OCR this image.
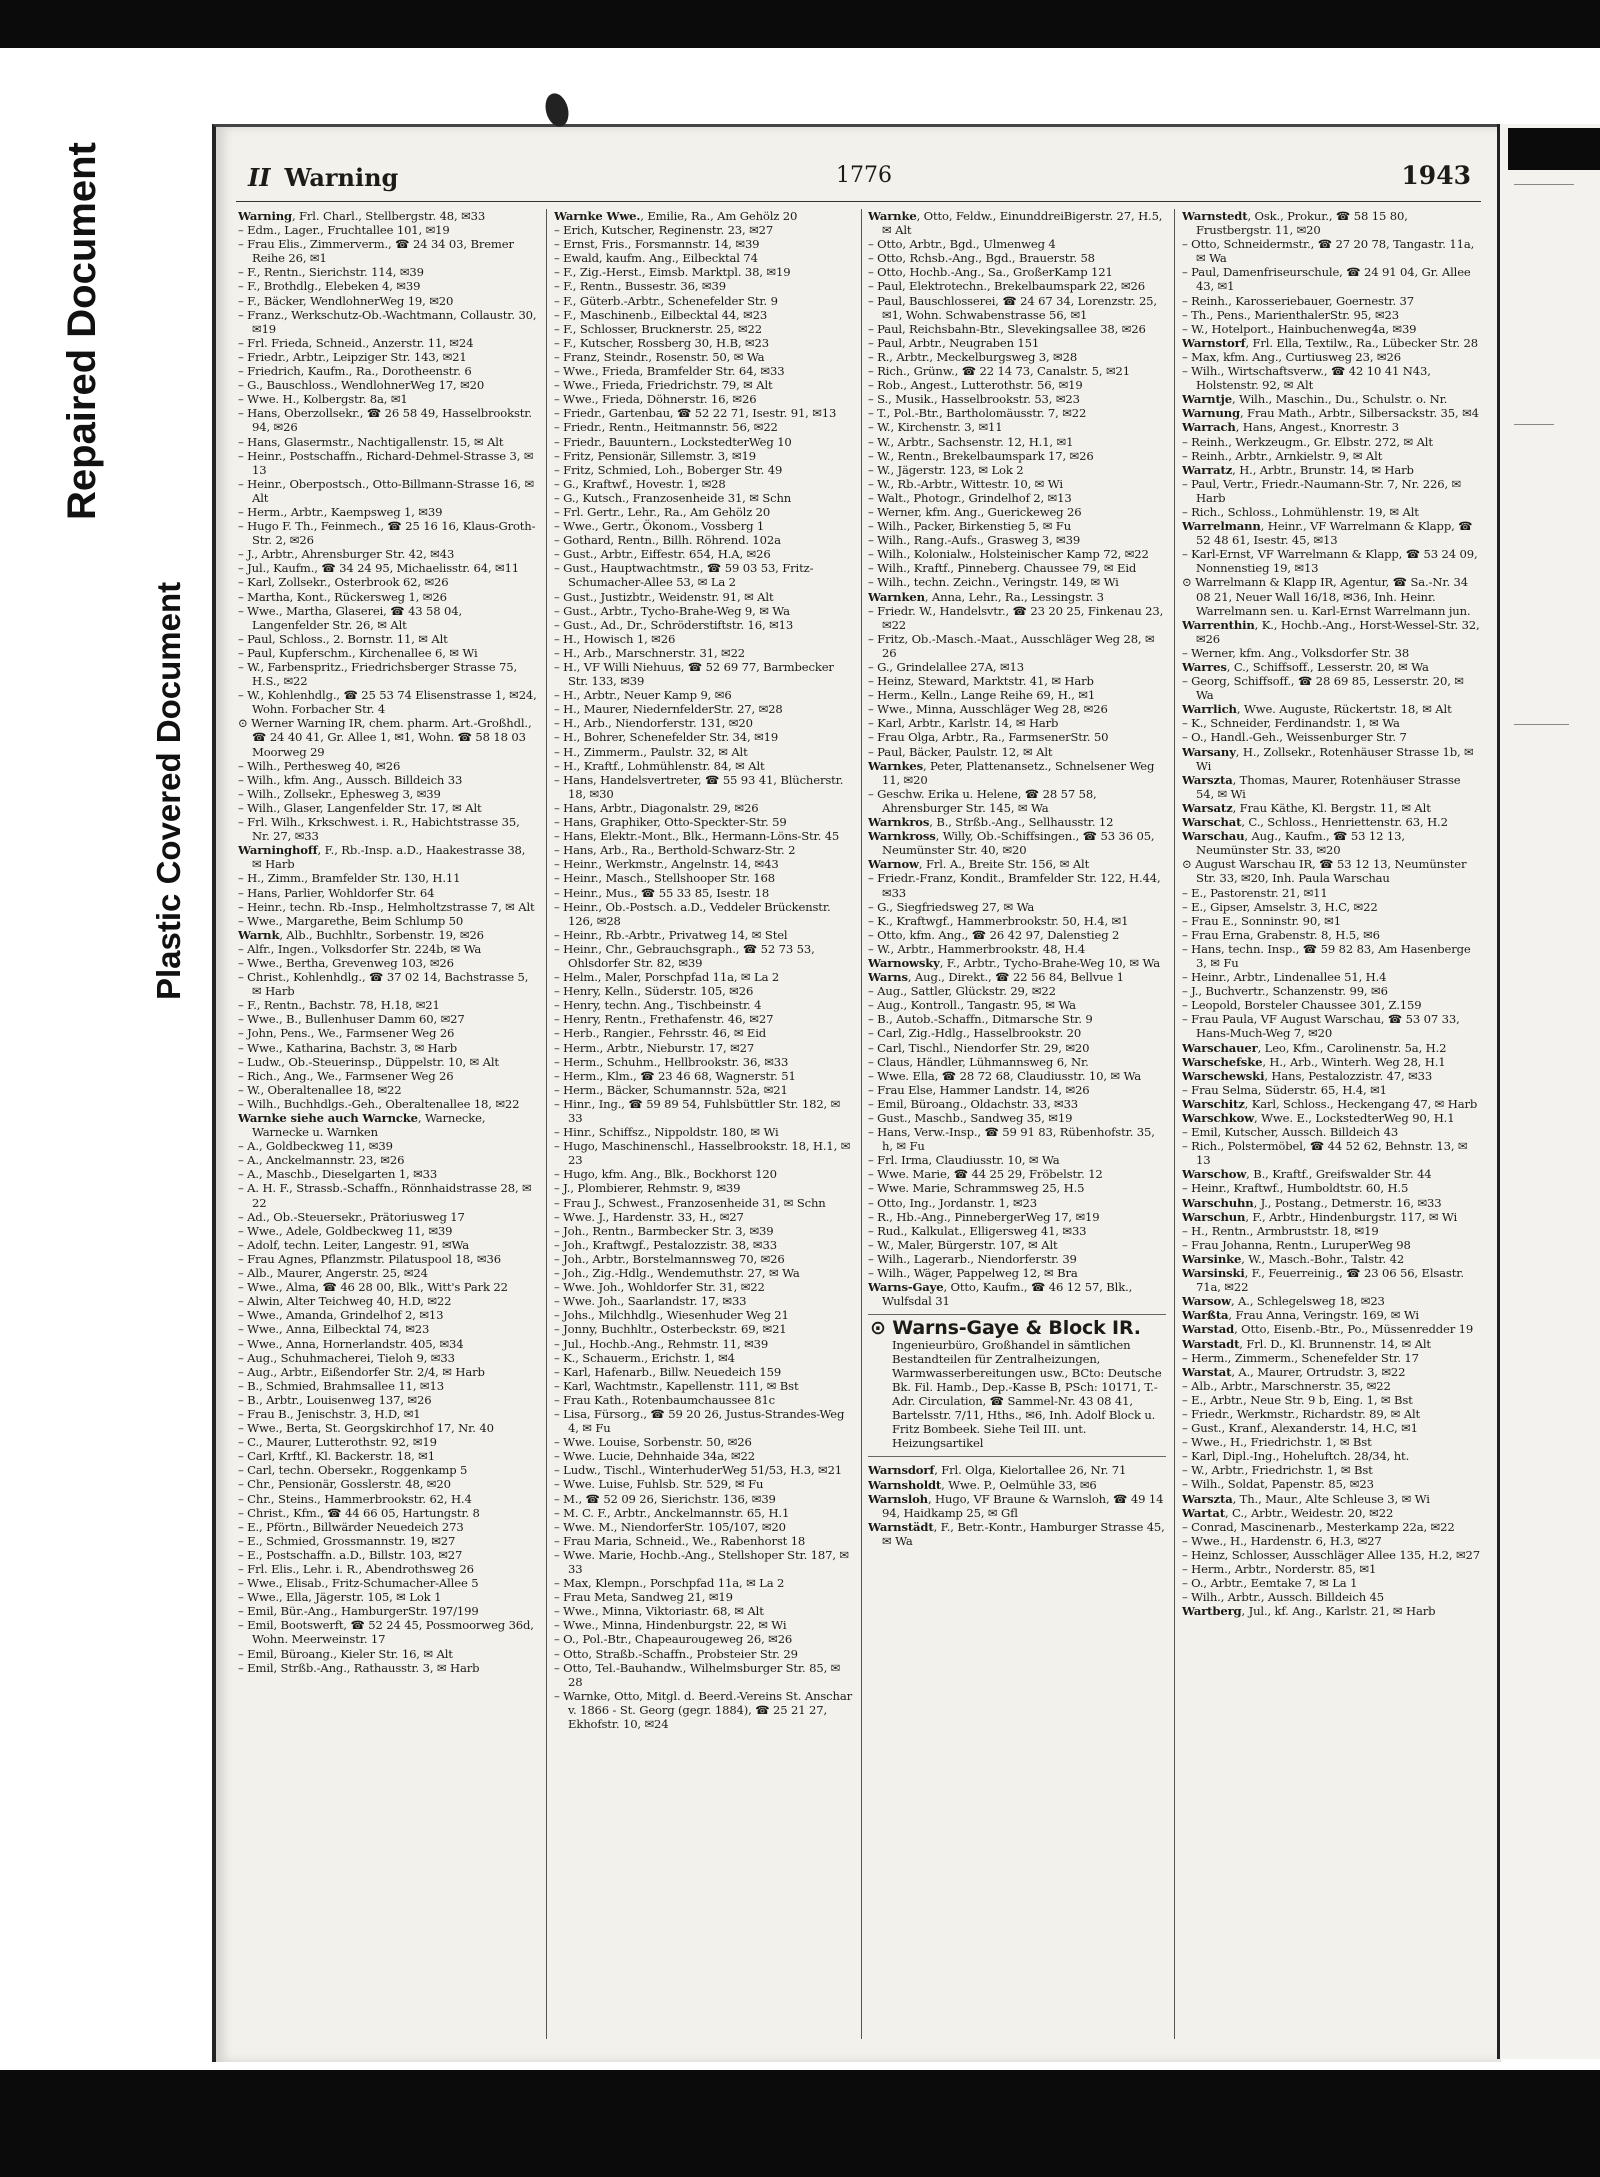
Repaired Document
Plastic Covered Document
II Warning	1776	1943

Warning, Frl. Charl., Stellbergstr. 48, ✉33

– Edm., Lager., Fruchtallee 101, ✉19

– Frau Elis., Zimmerverm., ☎ 24 34 03, Bremer Reihe 26, ✉1

– F., Rentn., Sierichstr. 114, ✉39

– F., Brothdlg., Elebeken 4, ✉39

– F., Bäcker, WendlohnerWeg 19, ✉20

– Franz., Werkschutz-Ob.-Wachtmann, Collaustr. 30, ✉19

– Frl. Frieda, Schneid., Anzerstr. 11, ✉24

– Friedr., Arbtr., Leipziger Str. 143, ✉21

– Friedrich, Kaufm., Ra., Dorotheenstr. 6

– G., Bauschloss., WendlohnerWeg 17, ✉20

– Wwe. H., Kolbergstr. 8a, ✉1

– Hans, Oberzollsekr., ☎ 26 58 49, Hasselbrookstr. 94, ✉26

– Hans, Glasermstr., Nachtigallenstr. 15, ✉ Alt

– Heinr., Postschaffn., Richard-Dehmel-Strasse 3, ✉13

– Heinr., Oberpostsch., Otto-Billmann-Strasse 16, ✉ Alt

– Herm., Arbtr., Kaempsweg 1, ✉39

– Hugo F. Th., Feinmech., ☎ 25 16 16, Klaus-Groth-Str. 2, ✉26

– J., Arbtr., Ahrensburger Str. 42, ✉43

– Jul., Kaufm., ☎ 34 24 95, Michaelisstr. 64, ✉11

– Karl, Zollsekr., Osterbrook 62, ✉26

– Martha, Kont., Rückersweg 1, ✉26

– Wwe., Martha, Glaserei, ☎ 43 58 04, Langenfelder Str. 26, ✉ Alt

– Paul, Schloss., 2. Bornstr. 11, ✉ Alt

– Paul, Kupferschm., Kirchenallee 6, ✉ Wi

– W., Farbenspritz., Friedrichsberger Strasse 75, H.S., ✉22

– W., Kohlenhdlg., ☎ 25 53 74 Elisenstrasse 1, ✉24, Wohn. Forbacher Str. 4

⊙ Werner Warning IR, chem. pharm. Art.-Großhdl., ☎ 24 40 41, Gr. Allee 1, ✉1, Wohn. ☎ 58 18 03 Moorweg 29

– Wilh., Perthesweg 40, ✉26

– Wilh., kfm. Ang., Aussch. Billdeich 33

– Wilh., Zollsekr., Ephesweg 3, ✉39

– Wilh., Glaser, Langenfelder Str. 17, ✉ Alt

– Frl. Wilh., Krkschwest. i. R., Habichtstrasse 35, Nr. 27, ✉33

Warninghoff, F., Rb.-Insp. a.D., Haakestrasse 38, ✉ Harb

– H., Zimm., Bramfelder Str. 130, H.11

– Hans, Parlier, Wohldorfer Str. 64

– Heinr., techn. Rb.-Insp., Helmholtzstrasse 7, ✉ Alt

– Wwe., Margarethe, Beim Schlump 50

Warnk, Alb., Buchhltr., Sorbenstr. 19, ✉26

– Alfr., Ingen., Volksdorfer Str. 224b, ✉ Wa

– Wwe., Bertha, Grevenweg 103, ✉26

– Christ., Kohlenhdlg., ☎ 37 02 14, Bachstrasse 5, ✉ Harb

– F., Rentn., Bachstr. 78, H.18, ✉21

– Wwe., B., Bullenhuser Damm 60, ✉27

– John, Pens., We., Farmsener Weg 26

– Wwe., Katharina, Bachstr. 3, ✉ Harb

– Ludw., Ob.-Steuerinsp., Düppelstr. 10, ✉ Alt

– Rich., Ang., We., Farmsener Weg 26

– W., Oberaltenallee 18, ✉22

– Wilh., Buchhdlgs.-Geh., Oberaltenallee 18, ✉22

Warnke siehe auch Warncke, Warnecke, Warnecke u. Warnken

– A., Goldbeckweg 11, ✉39

– A., Anckelmannstr. 23, ✉26

– A., Maschb., Dieselgarten 1, ✉33

– A. H. F., Strassb.-Schaffn., Rönnhaidstrasse 28, ✉22

– Ad., Ob.-Steuersekr., Prätoriusweg 17

– Wwe., Adele, Goldbeckweg 11, ✉39

– Adolf, techn. Leiter, Langestr. 91, ✉Wa

– Frau Agnes, Pflanzmstr. Pilatuspool 18, ✉36

– Alb., Maurer, Angerstr. 25, ✉24

– Wwe., Alma, ☎ 46 28 00, Blk., Witt's Park 22

– Alwin, Alter Teichweg 40, H.D, ✉22

– Wwe., Amanda, Grindelhof 2, ✉13

– Wwe., Anna, Eilbecktal 74, ✉23

– Wwe., Anna, Hornerlandstr. 405, ✉34

– Aug., Schuhmacherei, Tieloh 9, ✉33

– Aug., Arbtr., Eißendorfer Str. 2/4, ✉ Harb

– B., Schmied, Brahmsallee 11, ✉13

– B., Arbtr., Louisenweg 137, ✉26

– Frau B., Jenischstr. 3, H.D, ✉1

– Wwe., Berta, St. Georgskirchhof 17, Nr. 40

– C., Maurer, Lutterothstr. 92, ✉19

– Carl, Krftf., Kl. Backerstr. 18, ✉1

– Carl, techn. Obersekr., Roggenkamp 5

– Chr., Pensionär, Gosslerstr. 48, ✉20

– Chr., Steins., Hammerbrookstr. 62, H.4

– Christ., Kfm., ☎ 44 66 05, Hartungstr. 8

– E., Pförtn., Billwärder Neuedeich 273

– E., Schmied, Grossmannstr. 19, ✉27

– E., Postschaffn. a.D., Billstr. 103, ✉27

– Frl. Elis., Lehr. i. R., Abendrothsweg 26

– Wwe., Elisab., Fritz-Schumacher-Allee 5

– Wwe., Ella, Jägerstr. 105, ✉ Lok 1

– Emil, Bür.-Ang., HamburgerStr. 197/199

– Emil, Bootswerft, ☎ 52 24 45, Possmoorweg 36d, Wohn. Meerweinstr. 17

– Emil, Büroang., Kieler Str. 16, ✉ Alt

– Emil, Strßb.-Ang., Rathausstr. 3, ✉ Harb

Warnke Wwe., Emilie, Ra., Am Gehölz 20

– Erich, Kutscher, Reginenstr. 23, ✉27

– Ernst, Fris., Forsmannstr. 14, ✉39

– Ewald, kaufm. Ang., Eilbecktal 74

– F., Zig.-Herst., Eimsb. Marktpl. 38, ✉19

– F., Rentn., Bussestr. 36, ✉39

– F., Güterb.-Arbtr., Schenefelder Str. 9

– F., Maschinenb., Eilbecktal 44, ✉23

– F., Schlosser, Brucknerstr. 25, ✉22

– F., Kutscher, Rossberg 30, H.B, ✉23

– Franz, Steindr., Rosenstr. 50, ✉ Wa

– Wwe., Frieda, Bramfelder Str. 64, ✉33

– Wwe., Frieda, Friedrichstr. 79, ✉ Alt

– Wwe., Frieda, Döhnerstr. 16, ✉26

– Friedr., Gartenbau, ☎ 52 22 71, Isestr. 91, ✉13

– Friedr., Rentn., Heitmannstr. 56, ✉22

– Friedr., Bauuntern., LockstedterWeg 10

– Fritz, Pensionär, Sillemstr. 3, ✉19

– Fritz, Schmied, Loh., Boberger Str. 49

– G., Kraftwf., Hovestr. 1, ✉28

– G., Kutsch., Franzosenheide 31, ✉ Schn

– Frl. Gertr., Lehr., Ra., Am Gehölz 20

– Wwe., Gertr., Ökonom., Vossberg 1

– Gothard, Rentn., Billh. Röhrend. 102a

– Gust., Arbtr., Eiffestr. 654, H.A, ✉26

– Gust., Hauptwachtmstr., ☎ 59 03 53, Fritz-Schumacher-Allee 53, ✉ La 2

– Gust., Justizbtr., Weidenstr. 91, ✉ Alt

– Gust., Arbtr., Tycho-Brahe-Weg 9, ✉ Wa

– Gust., Ad., Dr., Schröderstiftstr. 16, ✉13

– H., Howisch 1, ✉26

– H., Arb., Marschnerstr. 31, ✉22

– H., VF Willi Niehuus, ☎ 52 69 77, Barmbecker Str. 133, ✉39

– H., Arbtr., Neuer Kamp 9, ✉6

– H., Maurer, NiedernfelderStr. 27, ✉28

– H., Arb., Niendorferstr. 131, ✉20

– H., Bohrer, Schenefelder Str. 34, ✉19

– H., Zimmerm., Paulstr. 32, ✉ Alt

– H., Kraftf., Lohmühlenstr. 84, ✉ Alt

– Hans, Handelsvertreter, ☎ 55 93 41, Blücherstr. 18, ✉30

– Hans, Arbtr., Diagonalstr. 29, ✉26

– Hans, Graphiker, Otto-Speckter-Str. 59

– Hans, Elektr.-Mont., Blk., Hermann-Löns-Str. 45

– Hans, Arb., Ra., Berthold-Schwarz-Str. 2

– Heinr., Werkmstr., Angelnstr. 14, ✉43

– Heinr., Masch., Stellshooper Str. 168

– Heinr., Mus., ☎ 55 33 85, Isestr. 18

– Heinr., Ob.-Postsch. a.D., Veddeler Brückenstr. 126, ✉28

– Heinr., Rb.-Arbtr., Privatweg 14, ✉ Stel

– Heinr., Chr., Gebrauchsgraph., ☎ 52 73 53, Ohlsdorfer Str. 82, ✉39

– Helm., Maler, Porschpfad 11a, ✉ La 2

– Henry, Kelln., Süderstr. 105, ✉26

– Henry, techn. Ang., Tischbeinstr. 4

– Henry, Rentn., Frethafenstr. 46, ✉27

– Herb., Rangier., Fehrsstr. 46, ✉ Eid

– Herm., Arbtr., Nieburstr. 17, ✉27

– Herm., Schuhm., Hellbrookstr. 36, ✉33

– Herm., Klm., ☎ 23 46 68, Wagnerstr. 51

– Herm., Bäcker, Schumannstr. 52a, ✉21

– Hinr., Ing., ☎ 59 89 54, Fuhlsbüttler Str. 182, ✉33

– Hinr., Schiffsz., Nippoldstr. 180, ✉ Wi

– Hugo, Maschinenschl., Hasselbrookstr. 18, H.1, ✉23

– Hugo, kfm. Ang., Blk., Bockhorst 120

– J., Plombierer, Rehmstr. 9, ✉39

– Frau J., Schwest., Franzosenheide 31, ✉ Schn

– Wwe. J., Hardenstr. 33, H., ✉27

– Joh., Rentn., Barmbecker Str. 3, ✉39

– Joh., Kraftwgf., Pestalozzistr. 38, ✉33

– Joh., Arbtr., Borstelmannsweg 70, ✉26

– Joh., Zig.-Hdlg., Wendemuthstr. 27, ✉ Wa

– Wwe. Joh., Wohldorfer Str. 31, ✉22

– Wwe. Joh., Saarlandstr. 17, ✉33

– Johs., Milchhdlg., Wiesenhuder Weg 21

– Jonny, Buchhltr., Osterbeckstr. 69, ✉21

– Jul., Hochb.-Ang., Rehmstr. 11, ✉39

– K., Schauerm., Erichstr. 1, ✉4

– Karl, Hafenarb., Billw. Neuedeich 159

– Karl, Wachtmstr., Kapellenstr. 111, ✉ Bst

– Frau Kath., Rotenbaumchaussee 81c

– Lisa, Fürsorg., ☎ 59 20 26, Justus-Strandes-Weg 4, ✉ Fu

– Wwe. Louise, Sorbenstr. 50, ✉26

– Wwe. Lucie, Dehnhaide 34a, ✉22

– Ludw., Tischl., WinterhuderWeg 51/53, H.3, ✉21

– Wwe. Luise, Fuhlsb. Str. 529, ✉ Fu

– M., ☎ 52 09 26, Sierichstr. 136, ✉39

– M. C. F., Arbtr., Anckelmannstr. 65, H.1

– Wwe. M., NiendorferStr. 105/107, ✉20

– Frau Maria, Schneid., We., Rabenhorst 18

– Wwe. Marie, Hochb.-Ang., Stellshoper Str. 187, ✉33

– Max, Klempn., Porschpfad 11a, ✉ La 2

– Frau Meta, Sandweg 21, ✉19

– Wwe., Minna, Viktoriastr. 68, ✉ Alt

– Wwe., Minna, Hindenburgstr. 22, ✉ Wi

– O., Pol.-Btr., Chapeaurougeweg 26, ✉26

– Otto, Straßb.-Schaffn., Probsteier Str. 29

– Otto, Tel.-Bauhandw., Wilhelmsburger Str. 85, ✉28

– Warnke, Otto, Mitgl. d. Beerd.-Vereins St. Anschar v. 1866 - St. Georg (gegr. 1884), ☎ 25 21 27, Ekhofstr. 10, ✉24

Warnke, Otto, Feldw., EinunddreiBigerstr. 27, H.5, ✉ Alt

– Otto, Arbtr., Bgd., Ulmenweg 4

– Otto, Rchsb.-Ang., Bgd., Brauerstr. 58

– Otto, Hochb.-Ang., Sa., GroßerKamp 121

– Paul, Elektrotechn., Brekelbaumspark 22, ✉26

– Paul, Bauschlosserei, ☎ 24 67 34, Lorenzstr. 25, ✉1, Wohn. Schwabenstrasse 56, ✉1

– Paul, Reichsbahn-Btr., Slevekingsallee 38, ✉26

– Paul, Arbtr., Neugraben 151

– R., Arbtr., Meckelburgsweg 3, ✉28

– Rich., Grünw., ☎ 22 14 73, Canalstr. 5, ✉21

– Rob., Angest., Lutterothstr. 56, ✉19

– S., Musik., Hasselbrookstr. 53, ✉23

– T., Pol.-Btr., Bartholomäusstr. 7, ✉22

– W., Kirchenstr. 3, ✉11

– W., Arbtr., Sachsenstr. 12, H.1, ✉1

– W., Rentn., Brekelbaumspark 17, ✉26

– W., Jägerstr. 123, ✉ Lok 2

– W., Rb.-Arbtr., Wittestr. 10, ✉ Wi

– Walt., Photogr., Grindelhof 2, ✉13

– Werner, kfm. Ang., Guerickeweg 26

– Wilh., Packer, Birkenstieg 5, ✉ Fu

– Wilh., Rang.-Aufs., Grasweg 3, ✉39

– Wilh., Kolonialw., Holsteinischer Kamp 72, ✉22

– Wilh., Kraftf., Pinneberg. Chaussee 79, ✉ Eid

– Wilh., techn. Zeichn., Veringstr. 149, ✉ Wi

Warnken, Anna, Lehr., Ra., Lessingstr. 3

– Friedr. W., Handelsvtr., ☎ 23 20 25, Finkenau 23, ✉22

– Fritz, Ob.-Masch.-Maat., Ausschläger Weg 28, ✉26

– G., Grindelallee 27A, ✉13

– Heinz, Steward, Marktstr. 41, ✉ Harb

– Herm., Kelln., Lange Reihe 69, H., ✉1

– Wwe., Minna, Ausschläger Weg 28, ✉26

– Karl, Arbtr., Karlstr. 14, ✉ Harb

– Frau Olga, Arbtr., Ra., FarmsenerStr. 50

– Paul, Bäcker, Paulstr. 12, ✉ Alt

Warnkes, Peter, Plattenansetz., Schnelsener Weg 11, ✉20

– Geschw. Erika u. Helene, ☎ 28 57 58, Ahrensburger Str. 145, ✉ Wa

Warnkros, B., Strßb.-Ang., Sellhausstr. 12

Warnkross, Willy, Ob.-Schiffsingen., ☎ 53 36 05, Neumünster Str. 40, ✉20

Warnow, Frl. A., Breite Str. 156, ✉ Alt

– Friedr.-Franz, Kondit., Bramfelder Str. 122, H.44, ✉33

– G., Siegfriedsweg 27, ✉ Wa

– K., Kraftwgf., Hammerbrookstr. 50, H.4, ✉1

– Otto, kfm. Ang., ☎ 26 42 97, Dalenstieg 2

– W., Arbtr., Hammerbrookstr. 48, H.4

Warnowsky, F., Arbtr., Tycho-Brahe-Weg 10, ✉ Wa

Warns, Aug., Direkt., ☎ 22 56 84, Bellvue 1

– Aug., Sattler, Glückstr. 29, ✉22

– Aug., Kontroll., Tangastr. 95, ✉ Wa

– B., Autob.-Schaffn., Ditmarsche Str. 9

– Carl, Zig.-Hdlg., Hasselbrookstr. 20

– Carl, Tischl., Niendorfer Str. 29, ✉20

– Claus, Händler, Lühmannsweg 6, Nr.

– Wwe. Ella, ☎ 28 72 68, Claudiusstr. 10, ✉ Wa

– Frau Else, Hammer Landstr. 14, ✉26

– Emil, Büroang., Oldachstr. 33, ✉33

– Gust., Maschb., Sandweg 35, ✉19

– Hans, Verw.-Insp., ☎ 59 91 83, Rübenhofstr. 35, h, ✉ Fu

– Frl. Irma, Claudiusstr. 10, ✉ Wa

– Wwe. Marie, ☎ 44 25 29, Fröbelstr. 12

– Wwe. Marie, Schrammsweg 25, H.5

– Otto, Ing., Jordanstr. 1, ✉23

– R., Hb.-Ang., PinnebergerWeg 17, ✉19

– Rud., Kalkulat., Elligersweg 41, ✉33

– W., Maler, Bürgerstr. 107, ✉ Alt

– Wilh., Lagerarb., Niendorferstr. 39

– Wilh., Wäger, Pappelweg 12, ✉ Bra

Warns-Gaye, Otto, Kaufm., ☎ 46 12 57, Blk., Wulfsdal 31

⊙ Warns-Gaye & Block IR.
Ingenieurbüro, Großhandel in sämtlichen Bestandteilen für Zentralheizungen, Warmwasserbereitungen usw., BCto: Deutsche Bk. Fil. Hamb., Dep.-Kasse B, PSch: 10171, T.-Adr. Circulation, ☎ Sammel-Nr. 43 08 41, Bartelsstr. 7/11, Hths., ✉6, Inh. Adolf Block u. Fritz Bombeek. Siehe Teil III. unt. Heizungsartikel

Warnsdorf, Frl. Olga, Kielortallee 26, Nr. 71

Warnsholdt, Wwe. P., Oelmühle 33, ✉6

Warnsloh, Hugo, VF Braune & Warnsloh, ☎ 49 14 94, Haidkamp 25, ✉ Gfl

Warnstädt, F., Betr.-Kontr., Hamburger Strasse 45, ✉ Wa

Warnstedt, Osk., Prokur., ☎ 58 15 80, Frustbergstr. 11, ✉20

– Otto, Schneidermstr., ☎ 27 20 78, Tangastr. 11a, ✉ Wa

– Paul, Damenfriseurschule, ☎ 24 91 04, Gr. Allee 43, ✉1

– Reinh., Karosseriebauer, Goernestr. 37

– Th., Pens., MarienthalerStr. 95, ✉23

– W., Hotelport., Hainbuchenweg4a, ✉39

Warnstorf, Frl. Ella, Textilw., Ra., Lübecker Str. 28

– Max, kfm. Ang., Curtiusweg 23, ✉26

– Wilh., Wirtschaftsverw., ☎ 42 10 41 N43, Holstenstr. 92, ✉ Alt

Warntje, Wilh., Maschin., Du., Schulstr. o. Nr.

Warnung, Frau Math., Arbtr., Silbersackstr. 35, ✉4

Warrach, Hans, Angest., Knorrestr. 3

– Reinh., Werkzeugm., Gr. Elbstr. 272, ✉ Alt

– Reinh., Arbtr., Arnkielstr. 9, ✉ Alt

Warratz, H., Arbtr., Brunstr. 14, ✉ Harb

– Paul, Vertr., Friedr.-Naumann-Str. 7, Nr. 226, ✉ Harb

– Rich., Schloss., Lohmühlenstr. 19, ✉ Alt

Warrelmann, Heinr., VF Warrelmann & Klapp, ☎ 52 48 61, Isestr. 45, ✉13

– Karl-Ernst, VF Warrelmann & Klapp, ☎ 53 24 09, Nonnenstieg 19, ✉13

⊙ Warrelmann & Klapp IR, Agentur, ☎ Sa.-Nr. 34 08 21, Neuer Wall 16/18, ✉36, Inh. Heinr. Warrelmann sen. u. Karl-Ernst Warrelmann jun.

Warrenthin, K., Hochb.-Ang., Horst-Wessel-Str. 32, ✉26

– Werner, kfm. Ang., Volksdorfer Str. 38

Warres, C., Schiffsoff., Lesserstr. 20, ✉ Wa

– Georg, Schiffsoff., ☎ 28 69 85, Lesserstr. 20, ✉ Wa

Warrlich, Wwe. Auguste, Rückertstr. 18, ✉ Alt

– K., Schneider, Ferdinandstr. 1, ✉ Wa

– O., Handl.-Geh., Weissenburger Str. 7

Warsany, H., Zollsekr., Rotenhäuser Strasse 1b, ✉ Wi

Warszta, Thomas, Maurer, Rotenhäuser Strasse 54, ✉ Wi

Warsatz, Frau Käthe, Kl. Bergstr. 11, ✉ Alt

Warschat, C., Schloss., Henriettenstr. 63, H.2

Warschau, Aug., Kaufm., ☎ 53 12 13, Neumünster Str. 33, ✉20

⊙ August Warschau IR, ☎ 53 12 13, Neumünster Str. 33, ✉20, Inh. Paula Warschau

– E., Pastorenstr. 21, ✉11

– E., Gipser, Amselstr. 3, H.C, ✉22

– Frau E., Sonninstr. 90, ✉1

– Frau Erna, Grabenstr. 8, H.5, ✉6

– Hans, techn. Insp., ☎ 59 82 83, Am Hasenberge 3, ✉ Fu

– Heinr., Arbtr., Lindenallee 51, H.4

– J., Buchvertr., Schanzenstr. 99, ✉6

– Leopold, Borsteler Chaussee 301, Z.159

– Frau Paula, VF August Warschau, ☎ 53 07 33, Hans-Much-Weg 7, ✉20

Warschauer, Leo, Kfm., Carolinenstr. 5a, H.2

Warschefske, H., Arb., Winterh. Weg 28, H.1

Warschewski, Hans, Pestalozzistr. 47, ✉33

– Frau Selma, Süderstr. 65, H.4, ✉1

Warschitz, Karl, Schloss., Heckengang 47, ✉ Harb

Warschkow, Wwe. E., LockstedterWeg 90, H.1

– Emil, Kutscher, Aussch. Billdeich 43

– Rich., Polstermöbel, ☎ 44 52 62, Behnstr. 13, ✉13

Warschow, B., Kraftf., Greifswalder Str. 44

– Heinr., Kraftwf., Humboldtstr. 60, H.5

Warschuhn, J., Postang., Detmerstr. 16, ✉33

Warschun, F., Arbtr., Hindenburgstr. 117, ✉ Wi

– H., Rentn., Armbruststr. 18, ✉19

– Frau Johanna, Rentn., LuruperWeg 98

Warsinke, W., Masch.-Bohr., Talstr. 42

Warsinski, F., Feuerreinig., ☎ 23 06 56, Elsastr. 71a, ✉22

Warsow, A., Schlegelsweg 18, ✉23

Warßta, Frau Anna, Veringstr. 169, ✉ Wi

Warstad, Otto, Eisenb.-Btr., Po., Müssenredder 19

Warstadt, Frl. D., Kl. Brunnenstr. 14, ✉ Alt

– Herm., Zimmerm., Schenefelder Str. 17

Warstat, A., Maurer, Ortrudstr. 3, ✉22

– Alb., Arbtr., Marschnerstr. 35, ✉22

– E., Arbtr., Neue Str. 9 b, Eing. 1, ✉ Bst

– Friedr., Werkmstr., Richardstr. 89, ✉ Alt

– Gust., Kranf., Alexanderstr. 14, H.C, ✉1

– Wwe., H., Friedrichstr. 1, ✉ Bst

– Karl, Dipl.-Ing., Hoheluftch. 28/34, ht.

– W., Arbtr., Friedrichstr. 1, ✉ Bst

– Wilh., Soldat, Papenstr. 85, ✉23

Warszta, Th., Maur., Alte Schleuse 3, ✉ Wi

Wartat, C., Arbtr., Weidestr. 20, ✉22

– Conrad, Mascinenarb., Mesterkamp 22a, ✉22

– Wwe., H., Hardenstr. 6, H.3, ✉27

– Heinz, Schlosser, Ausschläger Allee 135, H.2, ✉27

– Herm., Arbtr., Norderstr. 85, ✉1

– O., Arbtr., Eemtake 7, ✉ La 1

– Wilh., Arbtr., Aussch. Billdeich 45

Wartberg, Jul., kf. Ang., Karlstr. 21, ✉ Harb
